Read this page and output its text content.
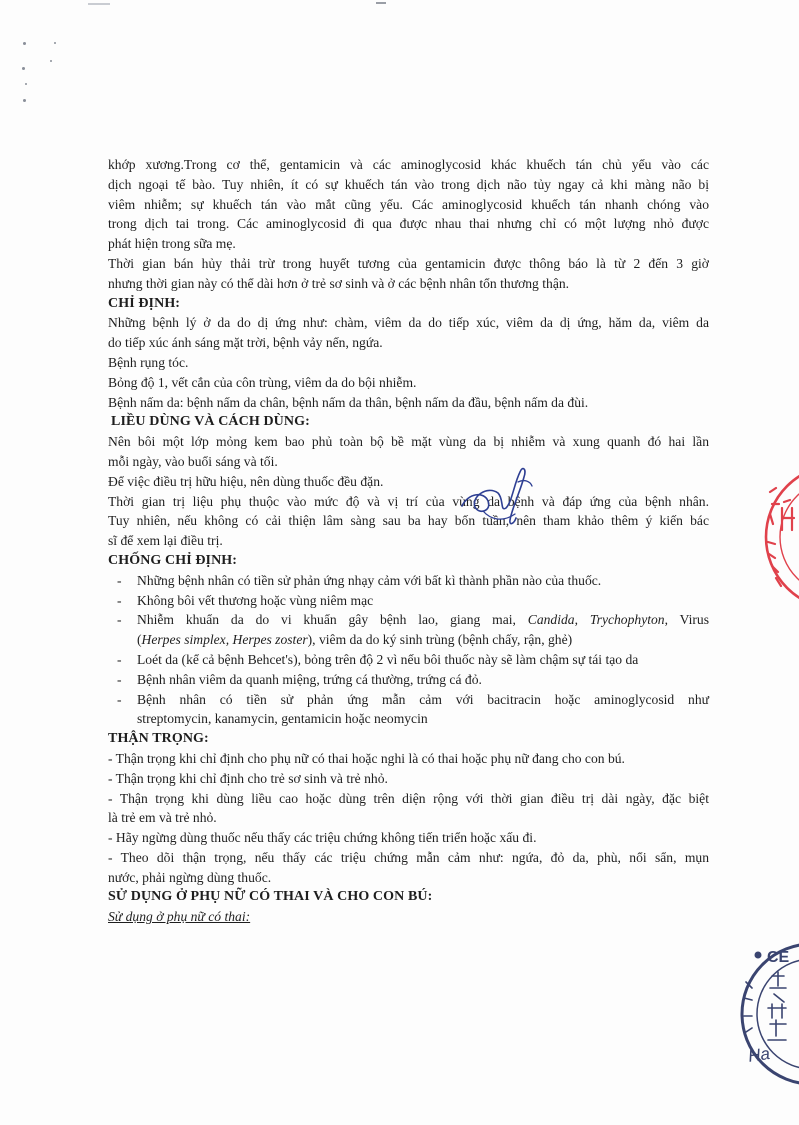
khớp xương.Trong cơ thể, gentamicin và các aminoglycosid khác khuếch tán chủ yếu vào các
dịch ngoại tế bào. Tuy nhiên, ít có sự khuếch tán vào trong dịch não tủy ngay cả khi màng não bị
viêm nhiễm; sự khuếch tán vào mắt cũng yếu. Các aminoglycosid khuếch tán nhanh chóng vào
trong dịch tai trong. Các aminoglycosid đi qua được nhau thai nhưng chỉ có một lượng nhỏ được
phát hiện trong sữa mẹ.
Thời gian bán hủy thải trừ trong huyết tương của gentamicin được thông báo là từ 2 đến 3 giờ
nhưng thời gian này có thể dài hơn ở trẻ sơ sinh và ở các bệnh nhân tổn thương thận.
CHỈ ĐỊNH:
Những bệnh lý ở da do dị ứng như: chàm, viêm da do tiếp xúc, viêm da dị ứng, hăm da, viêm da
do tiếp xúc ánh sáng mặt trời, bệnh vảy nến, ngứa.
Bệnh rụng tóc.
Bỏng độ 1, vết cắn của côn trùng, viêm da do bội nhiễm.
Bệnh nấm da: bệnh nấm da chân, bệnh nấm da thân, bệnh nấm da đầu, bệnh nấm da đùi.
LIỀU DÙNG VÀ CÁCH DÙNG:
Nên bôi một lớp mỏng kem bao phủ toàn bộ bề mặt vùng da bị nhiễm và xung quanh đó hai lần
mỗi ngày, vào buổi sáng và tối.
Để việc điều trị hữu hiệu, nên dùng thuốc đều đặn.
Thời gian trị liệu phụ thuộc vào mức độ và vị trí của vùng da bệnh và đáp ứng của bệnh nhân.
Tuy nhiên, nếu không có cải thiện lâm sàng sau ba hay bốn tuần, nên tham khảo thêm ý kiến bác
sĩ để xem lại điều trị.
CHỐNG CHỈ ĐỊNH:
- Những bệnh nhân có tiền sử phản ứng nhạy cảm với bất kì thành phần nào của thuốc.
- Không bôi vết thương hoặc vùng niêm mạc
- Nhiễm khuẩn da do vi khuẩn gây bệnh lao, giang mai, Candida, Trychophyton, Virus
(Herpes simplex, Herpes zoster), viêm da do ký sinh trùng (bệnh chấy, rận, ghẻ)
- Loét da (kể cả bệnh Behcet's), bỏng trên độ 2 vì nếu bôi thuốc này sẽ làm chậm sự tái tạo da
- Bệnh nhân viêm da quanh miệng, trứng cá thường, trứng cá đỏ.
- Bệnh nhân có tiền sử phản ứng mẫn cảm với bacitracin hoặc aminoglycosid như
streptomycin, kanamycin, gentamicin hoặc neomycin
THẬN TRỌNG:
- Thận trọng khi chỉ định cho phụ nữ có thai hoặc nghi là có thai hoặc phụ nữ đang cho con bú.
- Thận trọng khi chỉ định cho trẻ sơ sinh và trẻ nhỏ.
- Thận trọng khi dùng liều cao hoặc dùng trên diện rộng với thời gian điều trị dài ngày, đặc biệt
là trẻ em và trẻ nhỏ.
- Hãy ngừng dùng thuốc nếu thấy các triệu chứng không tiến triển hoặc xấu đi.
- Theo dõi thận trọng, nếu thấy các triệu chứng mẫn cảm như: ngứa, đỏ da, phù, nổi sẩn, mụn
nước, phải ngừng dùng thuốc.
SỬ DỤNG Ở PHỤ NỮ CÓ THAI VÀ CHO CON BÚ:
Sử dụng ở phụ nữ có thai:
CE
Ha
